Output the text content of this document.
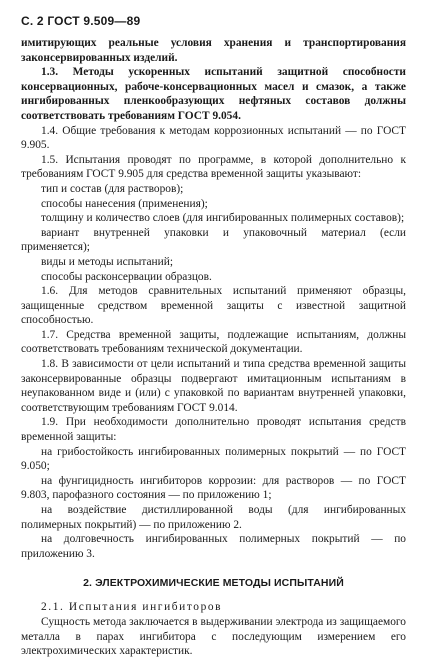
С. 2 ГОСТ 9.509—89

имитирующих реальные условия хранения и транспортирования законсервированных изделий.

1.3. Методы ускоренных испытаний защитной способности консервационных, рабоче-консервационных масел и смазок, а также ингибированных пленкообразующих нефтяных составов должны соответствовать требованиям ГОСТ 9.054.

1.4. Общие требования к методам коррозионных испытаний — по ГОСТ 9.905.

1.5. Испытания проводят по программе, в которой дополнительно к требованиям ГОСТ 9.905 для средства временной защиты указывают:

тип и состав (для растворов);

способы нанесения (применения);

толщину и количество слоев (для ингибированных полимерных составов);

вариант внутренней упаковки и упаковочный материал (если применяется);

виды и методы испытаний;

способы расконсервации образцов.

1.6. Для методов сравнительных испытаний применяют образцы, защищенные средством временной защиты с известной защитной способностью.

1.7. Средства временной защиты, подлежащие испытаниям, должны соответствовать требованиям технической документации.

1.8. В зависимости от цели испытаний и типа средства временной защиты законсервированные образцы подвергают имитационным испытаниям в неупакованном виде и (или) с упаковкой по вариантам внутренней упаковки, соответствующим требованиям ГОСТ 9.014.

1.9. При необходимости дополнительно проводят испытания средств временной защиты:

на грибостойкость ингибированных полимерных покрытий — по ГОСТ 9.050;

на фунгицидность ингибиторов коррозии: для растворов — по ГОСТ 9.803, парофазного состояния — по приложению 1;

на воздействие дистиллированной воды (для ингибированных полимерных покрытий) — по приложению 2.

на долговечность ингибированных полимерных покрытий — по приложению 3.

2. ЭЛЕКТРОХИМИЧЕСКИЕ МЕТОДЫ ИСПЫТАНИЙ

2.1. Испытания ингибиторов

Сущность метода заключается в выдерживании электрода из защищаемого металла в парах ингибитора с последующим измерением его электрохимических характеристик.
